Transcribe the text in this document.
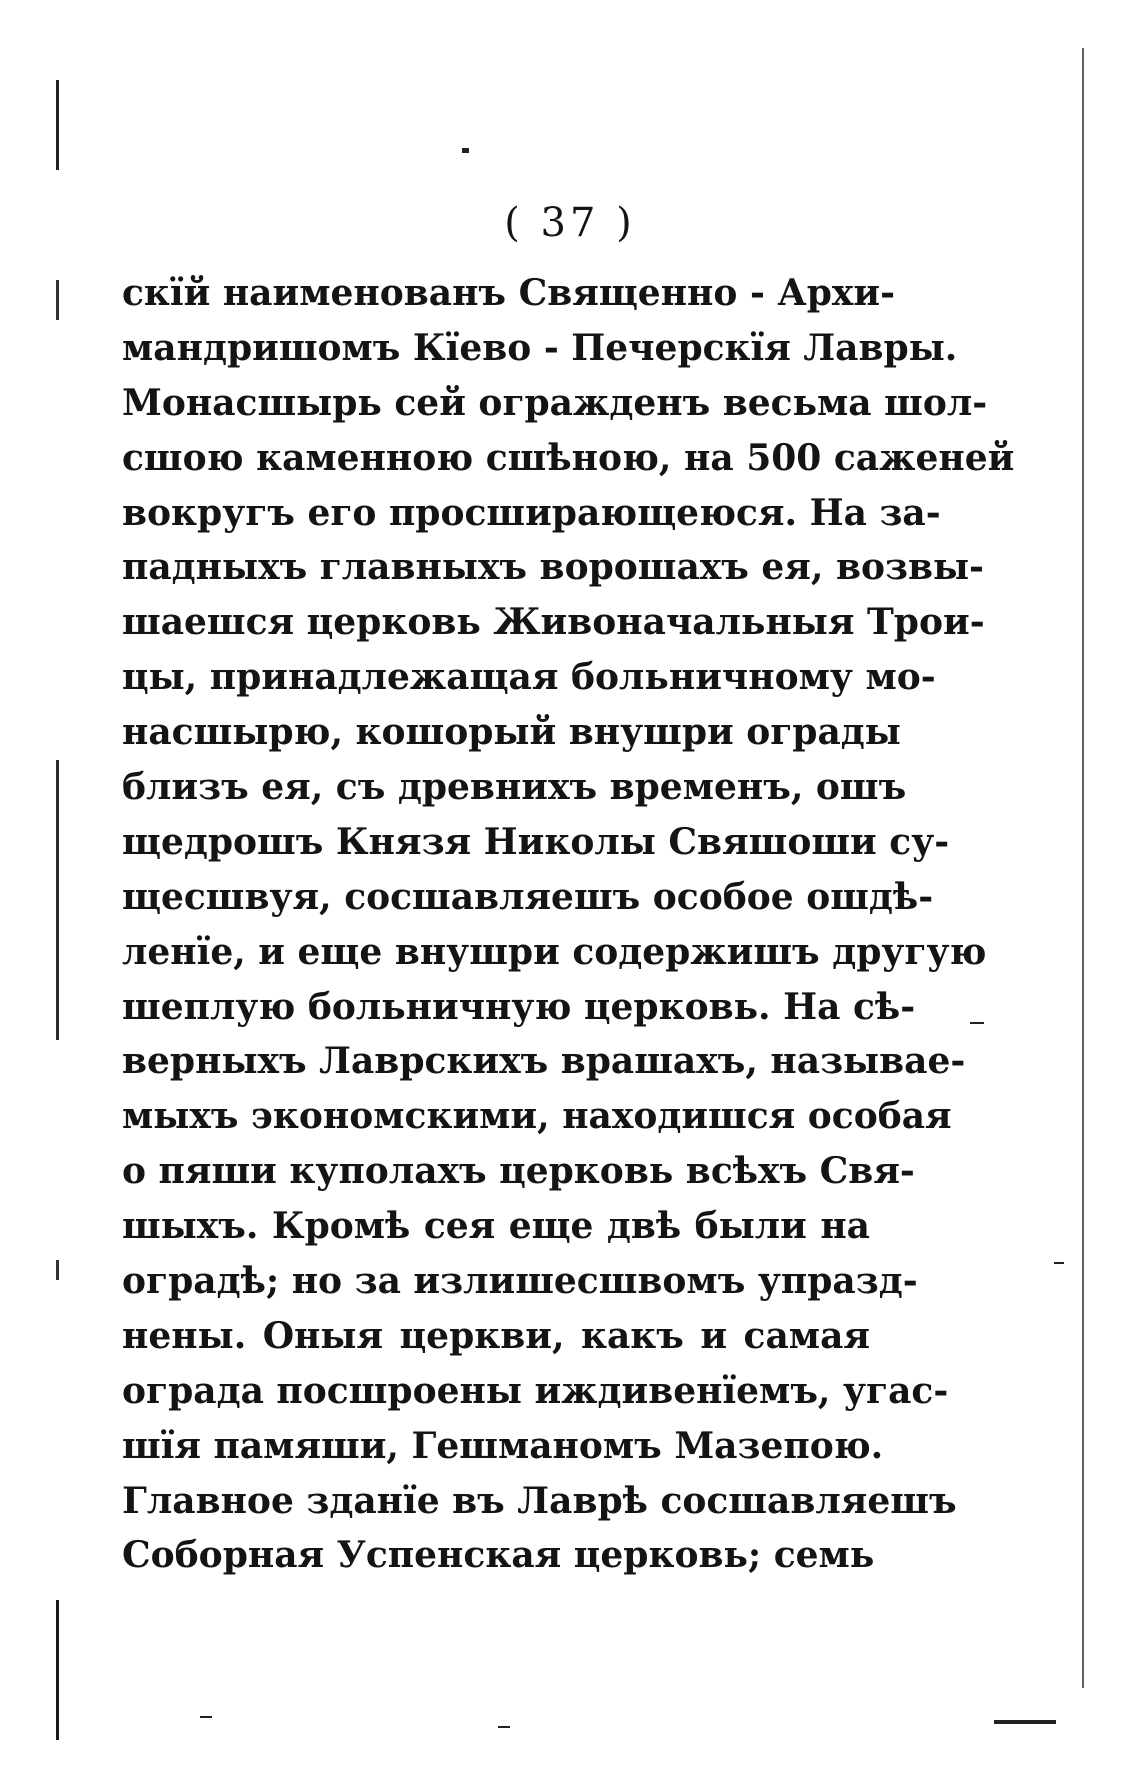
( 37 )
скїй наименованъ Священно - Архи-
мандришомъ Кїево - Печерскїя Лавры.
Монасшырь сей огражденъ весьма шол-
сшою каменною сшѣною, на 500 саженей
вокругъ его просширающеюся. На за-
падныхъ главныхъ ворошахъ ея, возвы-
шаешся церковь Живоначальныя Трои-
цы, принадлежащая больничному мо-
насшырю, кошорый внушри ограды
близъ ея, съ древнихъ временъ, ошъ
щедрошъ Князя Николы Свяшоши су-
щесшвуя, сосшавляешъ особое ошдѣ-
ленїе, и еще внушри содержишъ другую
шеплую больничную церковь. На сѣ-
верныхъ Лаврскихъ врашахъ, называе-
мыхъ экономскими, находишся особая
о пяши куполахъ церковь всѣхъ Свя-
шыхъ. Кромѣ сея еще двѣ были на
оградѣ; но за излишесшвомъ упразд-
нены. Оныя церкви, какъ и самая
ограда посшроены иждивенїемъ, угас-
шїя памяши, Гешманомъ Мазепою.
Главное зданїе въ Лаврѣ сосшавляешъ
Соборная Успенская церковь; семь
